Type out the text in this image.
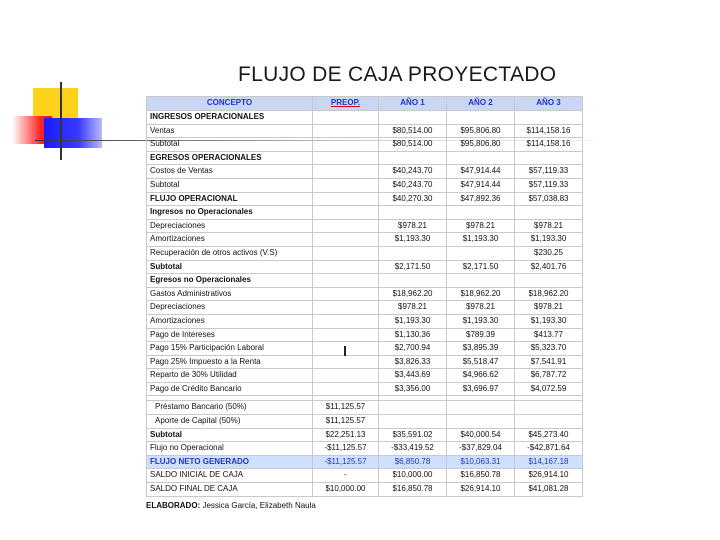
FLUJO DE CAJA PROYECTADO
CONCEPTO	PREOP.	AÑO 1	AÑO 2	AÑO 3
INGRESOS OPERACIONALES				
Ventas		$80,514.00	$95,806.80	$114,158.16
Subtotal		$80,514.00	$95,806.80	$114,158.16
EGRESOS OPERACIONALES				
Costos de Ventas		$40,243.70	$47,914.44	$57,119.33
Subtotal		$40,243.70	$47,914.44	$57,119.33
FLUJO OPERACIONAL		$40,270.30	$47,892.36	$57,038.83
Ingresos no Operacionales				
Depreciaciones		$978.21	$978.21	$978.21
Amortizaciones		$1,193.30	$1,193.30	$1,193.30
Recuperación de otros activos (V.S)				$230.25
Subtotal		$2,171.50	$2,171.50	$2,401.76
Egresos no Operacionales				
Gastos Administrativos		$18,962.20	$18,962.20	$18,962.20
Depreciaciones		$978.21	$978.21	$978.21
Amortizaciones		$1,193.30	$1,193.30	$1,193.30
Pago de Intereses		$1,130.36	$789.39	$413.77
Pago 15% Participación Laboral		$2,700.94	$3,895.39	$5,323.70
Pago 25% Impuesto a la Renta		$3,826.33	$5,518.47	$7,541.91
Reparto de 30% Utilidad		$3,443.69	$4,966.62	$6,787.72
Pago de Crédito Bancario		$3,356.00	$3,696.97	$4,072.59

Préstamo Bancario (50%)	$11,125.57			
Aporte de Capital (50%)	$11,125.57			
Subtotal	$22,251.13	$35,591.02	$40,000.54	$45,273.40
Flujo no Operacional	-$11,125.57	-$33,419.52	-$37,829.04	-$42,871.64
FLUJO NETO GENERADO	-$11,125.57	$6,850.78	$10,063.31	$14,167.18
SALDO INICIAL DE CAJA	-	$10,000.00	$16,850.78	$26,914.10
SALDO FINAL DE CAJA	$10,000.00	$16,850.78	$26,914.10	$41,081.28
ELABORADO: Jessica García, Elizabeth Naula
